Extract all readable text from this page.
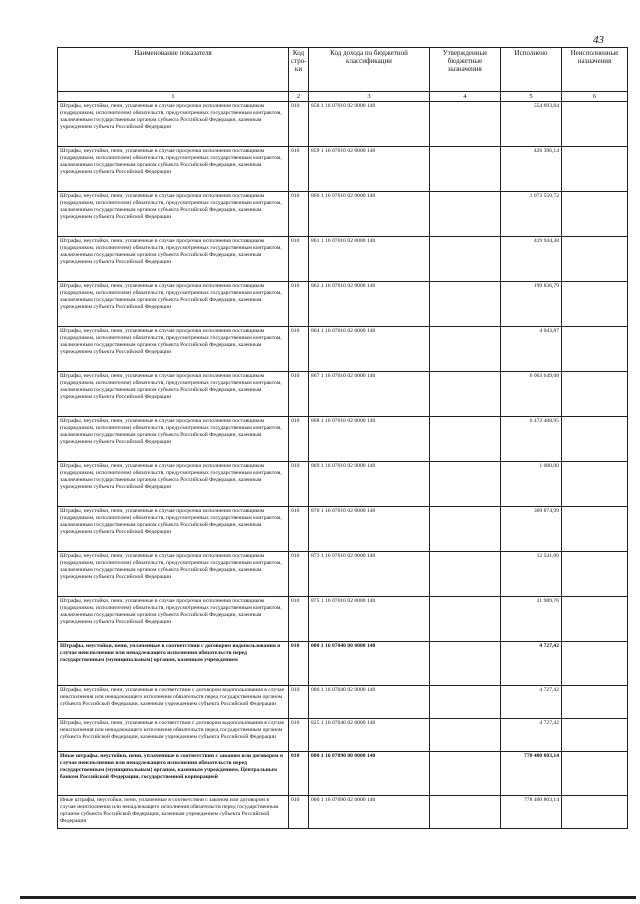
43
Наименование показателя	Код стро-ки	Код дохода по бюджетной классификации	Утвержденные бюджетные назначения	Исполнено	Неисполненные назначения
1	2	3	4	5	6
Штрафы, неустойки, пени, уплаченные в случае просрочки исполнения поставщиком (подрядчиком, исполнителем) обязательств, предусмотренных государственным контрактом, заключенным государственным органом субъекта Российской Федерации, казенным учреждением субъекта Российской Федерации	010	858 1 16 07010 02 0000 140		554 693,84	
Штрафы, неустойки, пени, уплаченные в случае просрочки исполнения поставщиком (подрядчиком, исполнителем) обязательств, предусмотренных государственным контрактом, заключенным государственным органом субъекта Российской Федерации, казенным учреждением субъекта Российской Федерации	010	859 1 16 07010 02 0000 140		426 396,14	
Штрафы, неустойки, пени, уплаченные в случае просрочки исполнения поставщиком (подрядчиком, исполнителем) обязательств, предусмотренных государственным контрактом, заключенным государственным органом субъекта Российской Федерации, казенным учреждением субъекта Российской Федерации	010	860 1 16 07010 02 0000 140		1 073 550,72	
Штрафы, неустойки, пени, уплаченные в случае просрочки исполнения поставщиком (подрядчиком, исполнителем) обязательств, предусмотренных государственным контрактом, заключенным государственным органом субъекта Российской Федерации, казенным учреждением субъекта Российской Федерации	010	861 1 16 07010 02 0000 140		419 944,38	
Штрафы, неустойки, пени, уплаченные в случае просрочки исполнения поставщиком (подрядчиком, исполнителем) обязательств, предусмотренных государственным контрактом, заключенным государственным органом субъекта Российской Федерации, казенным учреждением субъекта Российской Федерации	010	862 1 16 07010 02 0000 140		199 836,79	
Штрафы, неустойки, пени, уплаченные в случае просрочки исполнения поставщиком (подрядчиком, исполнителем) обязательств, предусмотренных государственным контрактом, заключенным государственным органом субъекта Российской Федерации, казенным учреждением субъекта Российской Федерации	010	864 1 16 07010 02 0000 140		4 043,87	
Штрафы, неустойки, пени, уплаченные в случае просрочки исполнения поставщиком (подрядчиком, исполнителем) обязательств, предусмотренных государственным контрактом, заключенным государственным органом субъекта Российской Федерации, казенным учреждением субъекта Российской Федерации	010	867 1 16 07010 02 0000 140		6 063 649,08	
Штрафы, неустойки, пени, уплаченные в случае просрочки исполнения поставщиком (подрядчиком, исполнителем) обязательств, предусмотренных государственным контрактом, заключенным государственным органом субъекта Российской Федерации, казенным учреждением субъекта Российской Федерации	010	868 1 16 07010 02 0000 140		6 472 408,95	
Штрафы, неустойки, пени, уплаченные в случае просрочки исполнения поставщиком (подрядчиком, исполнителем) обязательств, предусмотренных государственным контрактом, заключенным государственным органом субъекта Российской Федерации, казенным учреждением субъекта Российской Федерации	010	869 1 16 07010 02 0000 140		1 000,00	
Штрафы, неустойки, пени, уплаченные в случае просрочки исполнения поставщиком (подрядчиком, исполнителем) обязательств, предусмотренных государственным контрактом, заключенным государственным органом субъекта Российской Федерации, казенным учреждением субъекта Российской Федерации	010	870 1 16 07010 02 0000 140		369 874,99	
Штрафы, неустойки, пени, уплаченные в случае просрочки исполнения поставщиком (подрядчиком, исполнителем) обязательств, предусмотренных государственным контрактом, заключенным государственным органом субъекта Российской Федерации, казенным учреждением субъекта Российской Федерации	010	872 1 16 07010 02 0000 140		12 541,06	
Штрафы, неустойки, пени, уплаченные в случае просрочки исполнения поставщиком (подрядчиком, исполнителем) обязательств, предусмотренных государственным контрактом, заключенным государственным органом субъекта Российской Федерации, казенным учреждением субъекта Российской Федерации	010	875 1 16 07010 02 0000 140		31 989,76	
Штрафы, неустойки, пени, уплаченные в соответствии с договором водопользования в случае неисполнения или ненадлежащего исполнения обязательств перед государственным (муниципальным) органом, казенным учреждением	010	000 1 16 07040 00 0000 140		4 727,42	
Штрафы, неустойки, пени, уплаченные в соответствии с договором водопользования в случае неисполнения или ненадлежащего исполнения обязательств перед государственным органом субъекта Российской Федерации, казенным учреждением субъекта Российской Федерации	010	000 1 16 07040 02 0000 140		4 727,42	
Штрафы, неустойки, пени, уплаченные в соответствии с договором водопользования в случае неисполнения или ненадлежащего исполнения обязательств перед государственным органом субъекта Российской Федерации, казенным учреждением субъекта Российской Федерации	010	825 1 16 07040 02 0000 140		4 727,42	
Иные штрафы, неустойки, пени, уплаченные в соответствии с законом или договором в случае неисполнения или ненадлежащего исполнения обязательств перед государственным (муниципальным) органом, казенным учреждением, Центральным банком Российской Федерации, государственной корпорацией	010	000 1 16 07090 00 0000 140		778 400 803,14	
Иные штрафы, неустойки, пени, уплаченные в соответствии с законом или договором в случае неисполнения или ненадлежащего исполнения обязательств перед государственным органом субъекта Российской Федерации, казенным учреждением субъекта Российской Федерации	010	000 1 16 07090 02 0000 140		778 400 803,14	
